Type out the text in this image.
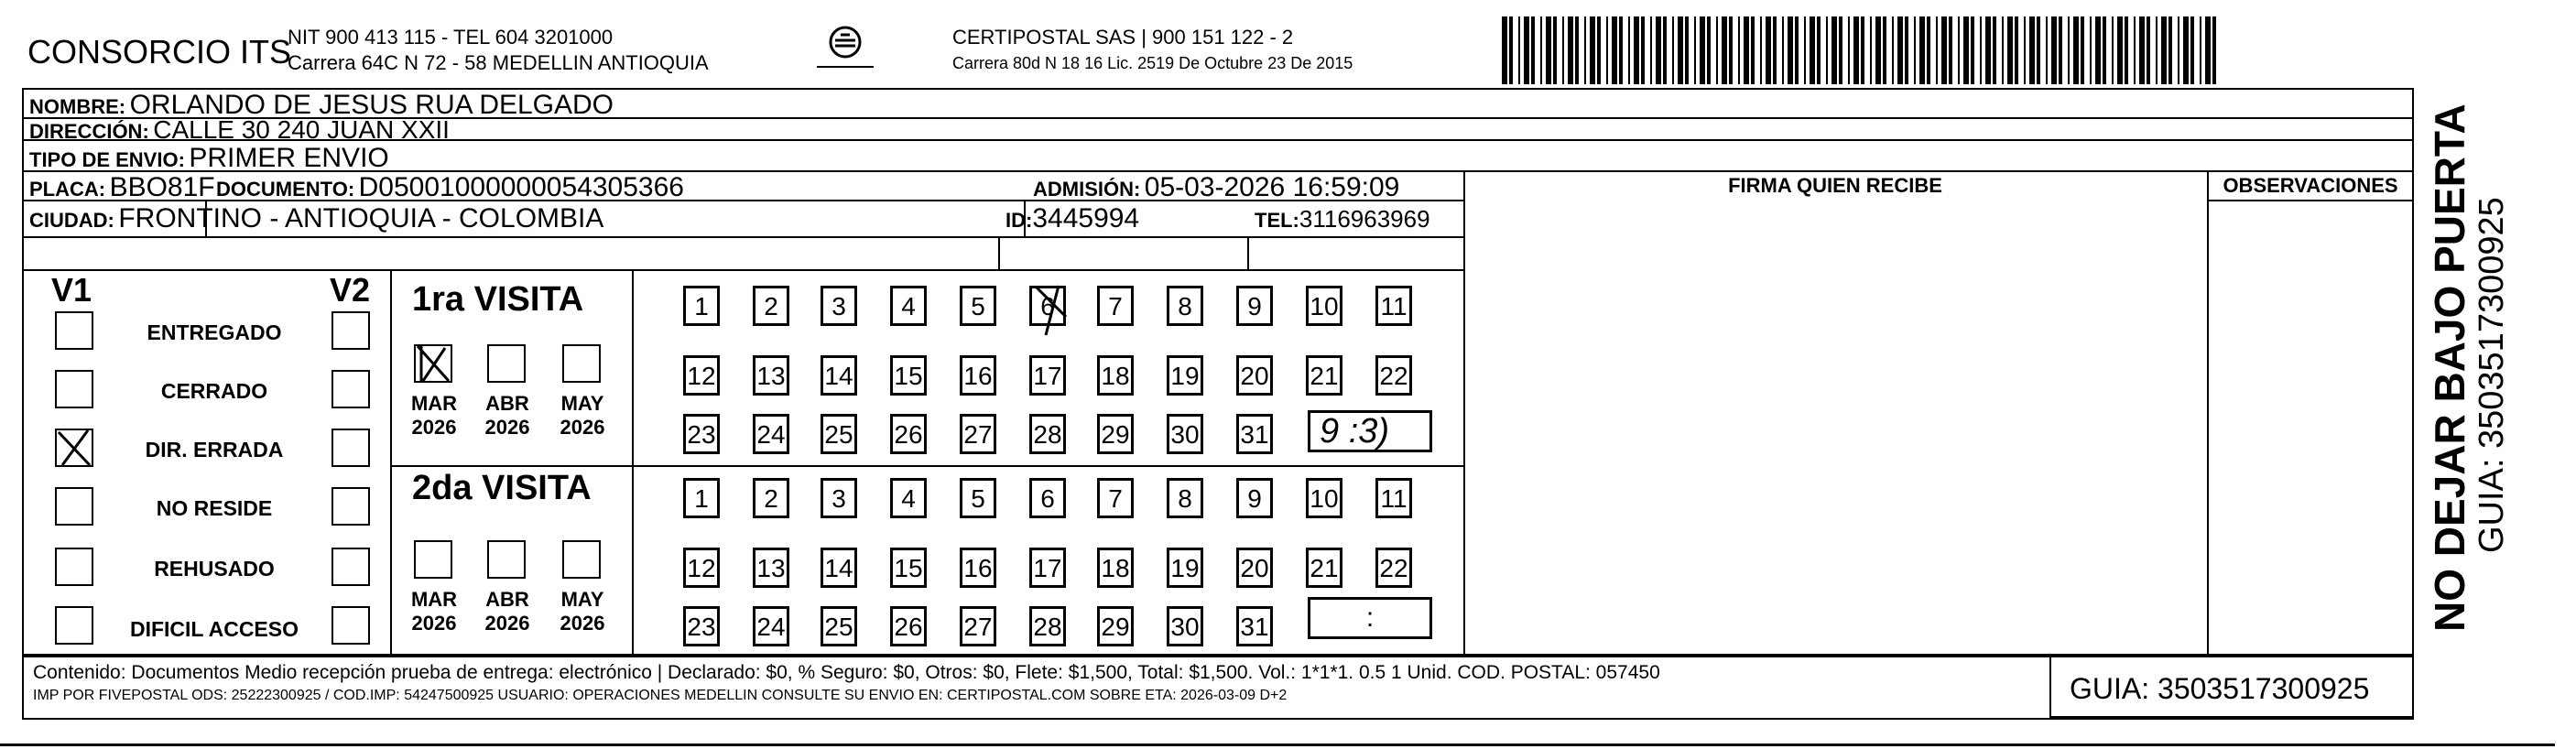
CONSORCIO ITS
NIT 900 413 115 - TEL 604 3201000
Carrera 64C N 72 - 58 MEDELLIN ANTIOQUIA
CERTIPOSTAL SAS | 900 151 122 - 2
Carrera 80d N 18 16 Lic. 2519 De Octubre 23 De 2015
NOMBRE: ORLANDO DE JESUS RUA DELGADO
DIRECCIÓN: CALLE 30 240 JUAN XXII
TIPO DE ENVIO: PRIMER ENVIO
PLACA: BBO81F DOCUMENTO: D05001000000054305366	ADMISIÓN: 05-03-2026 16:59:09
CIUDAD: FRONTINO - ANTIOQUIA - COLOMBIA	ID:3445994	TEL:3116963969
FIRMA QUIEN RECIBE	OBSERVACIONES
V1	V2
ENTREGADO
CERRADO
DIR. ERRADA
NO RESIDE
REHUSADO
DIFICIL ACCESO
1ra VISITA
MAR
2026
ABR
2026
MAY
2026
2da VISITA
MAR
2026
ABR
2026
MAY
2026
1	2	3	4	5	6	7	8	9	10 11
12 13 14 15 16 17 18 19 20 21 22
23 24 25 26 27 28 29 30 31
1	2	3	4	5	6	7	8	9	10 11
12 13 14 15 16 17 18 19 20 21 22
23 24 25 26 27 28 29 30 31
9 :3)
:
Contenido: Documentos Medio recepción prueba de entrega: electrónico | Declarado: $0, % Seguro: $0, Otros: $0, Flete: $1,500, Total: $1,500. Vol.: 1*1*1. 0.5 1 Unid. COD. POSTAL: 057450
IMP POR FIVEPOSTAL ODS: 25222300925 / COD.IMP: 54247500925 USUARIO: OPERACIONES MEDELLIN CONSULTE SU ENVIO EN: CERTIPOSTAL.COM SOBRE ETA: 2026-03-09 D+2	GUIA: 3503517300925
NO DEJAR BAJO PUERTA GUIA: 3503517300925
